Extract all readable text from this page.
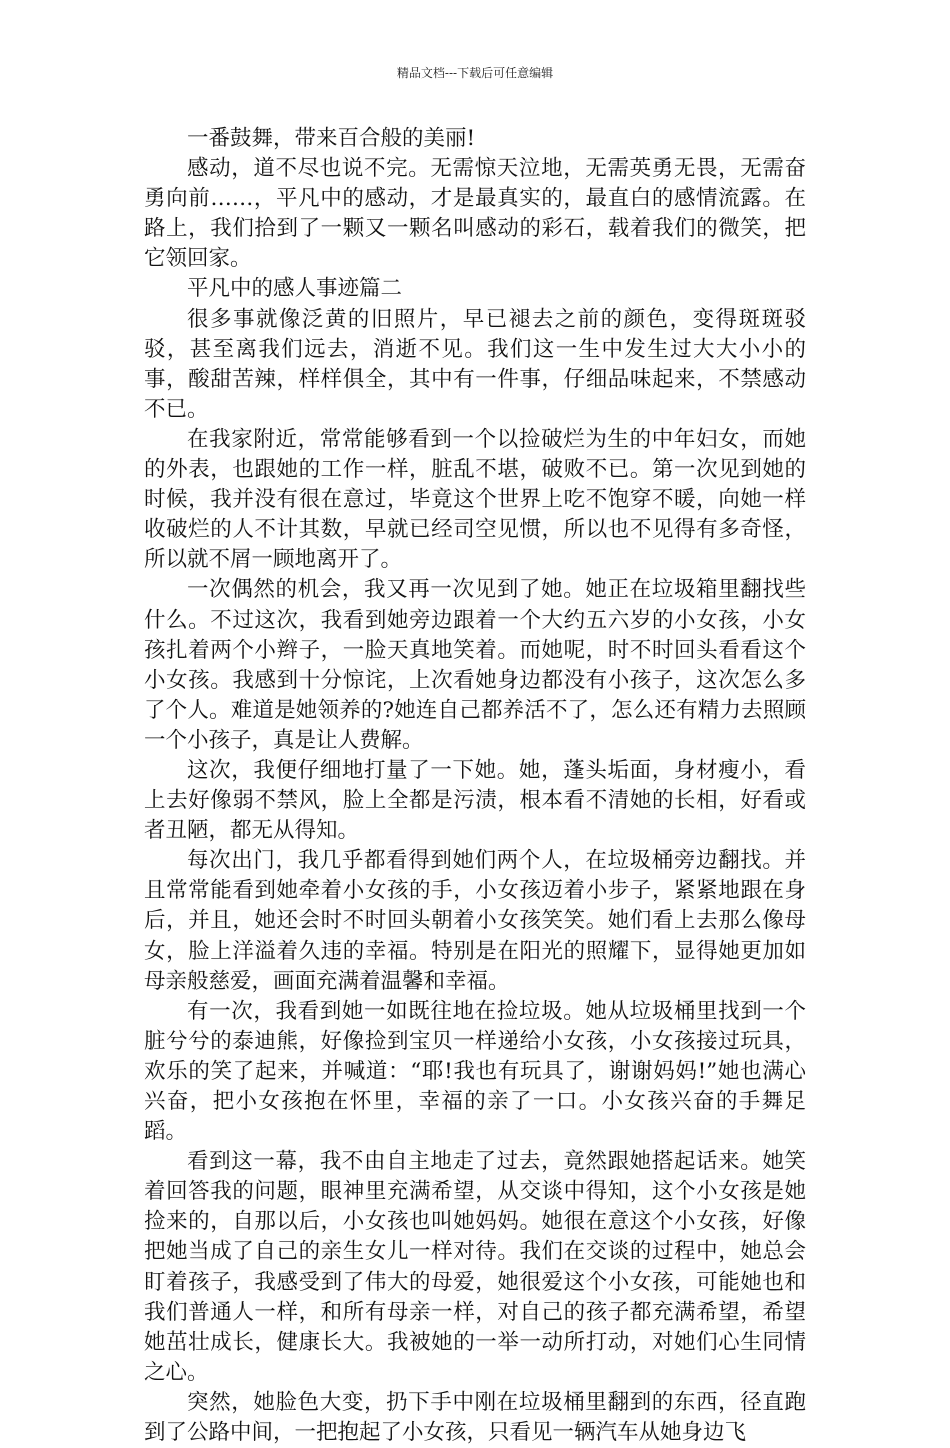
精品文档---下载后可任意编辑

一番鼓舞，带来百合般的美丽!

感动，道不尽也说不完。无需惊天泣地，无需英勇无畏，无需奋勇向前……，平凡中的感动，才是最真实的，最直白的感情流露。在路上，我们拾到了一颗又一颗名叫感动的彩石，载着我们的微笑，把它领回家。

平凡中的感人事迹篇二

很多事就像泛黄的旧照片，早已褪去之前的颜色，变得斑斑驳驳，甚至离我们远去，消逝不见。我们这一生中发生过大大小小的事，酸甜苦辣，样样俱全，其中有一件事，仔细品味起来，不禁感动不已。

在我家附近，常常能够看到一个以捡破烂为生的中年妇女，而她的外表，也跟她的工作一样，脏乱不堪，破败不已。第一次见到她的时候，我并没有很在意过，毕竟这个世界上吃不饱穿不暖，向她一样收破烂的人不计其数，早就已经司空见惯，所以也不见得有多奇怪，所以就不屑一顾地离开了。

一次偶然的机会，我又再一次见到了她。她正在垃圾箱里翻找些什么。不过这次，我看到她旁边跟着一个大约五六岁的小女孩，小女孩扎着两个小辫子，一脸天真地笑着。而她呢，时不时回头看看这个小女孩。我感到十分惊诧，上次看她身边都没有小孩子，这次怎么多了个人。难道是她领养的?她连自己都养活不了，怎么还有精力去照顾一个小孩子，真是让人费解。

这次，我便仔细地打量了一下她。她，蓬头垢面，身材瘦小，看上去好像弱不禁风，脸上全都是污渍，根本看不清她的长相，好看或者丑陋，都无从得知。

每次出门，我几乎都看得到她们两个人，在垃圾桶旁边翻找。并且常常能看到她牵着小女孩的手，小女孩迈着小步子，紧紧地跟在身后，并且，她还会时不时回头朝着小女孩笑笑。她们看上去那么像母女，脸上洋溢着久违的幸福。特别是在阳光的照耀下，显得她更加如母亲般慈爱，画面充满着温馨和幸福。

有一次，我看到她一如既往地在捡垃圾。她从垃圾桶里找到一个脏兮兮的泰迪熊，好像捡到宝贝一样递给小女孩，小女孩接过玩具，欢乐的笑了起来，并喊道：“耶!我也有玩具了，谢谢妈妈!”她也满心兴奋，把小女孩抱在怀里，幸福的亲了一口。小女孩兴奋的手舞足蹈。

看到这一幕，我不由自主地走了过去，竟然跟她搭起话来。她笑着回答我的问题，眼神里充满希望，从交谈中得知，这个小女孩是她捡来的，自那以后，小女孩也叫她妈妈。她很在意这个小女孩，好像把她当成了自己的亲生女儿一样对待。我们在交谈的过程中，她总会盯着孩子，我感受到了伟大的母爱，她很爱这个小女孩，可能她也和我们普通人一样，和所有母亲一样，对自己的孩子都充满希望，希望她茁壮成长，健康长大。我被她的一举一动所打动，对她们心生同情之心。

突然，她脸色大变，扔下手中刚在垃圾桶里翻到的东西，径直跑到了公路中间，一把抱起了小女孩，只看见一辆汽车从她身边飞
